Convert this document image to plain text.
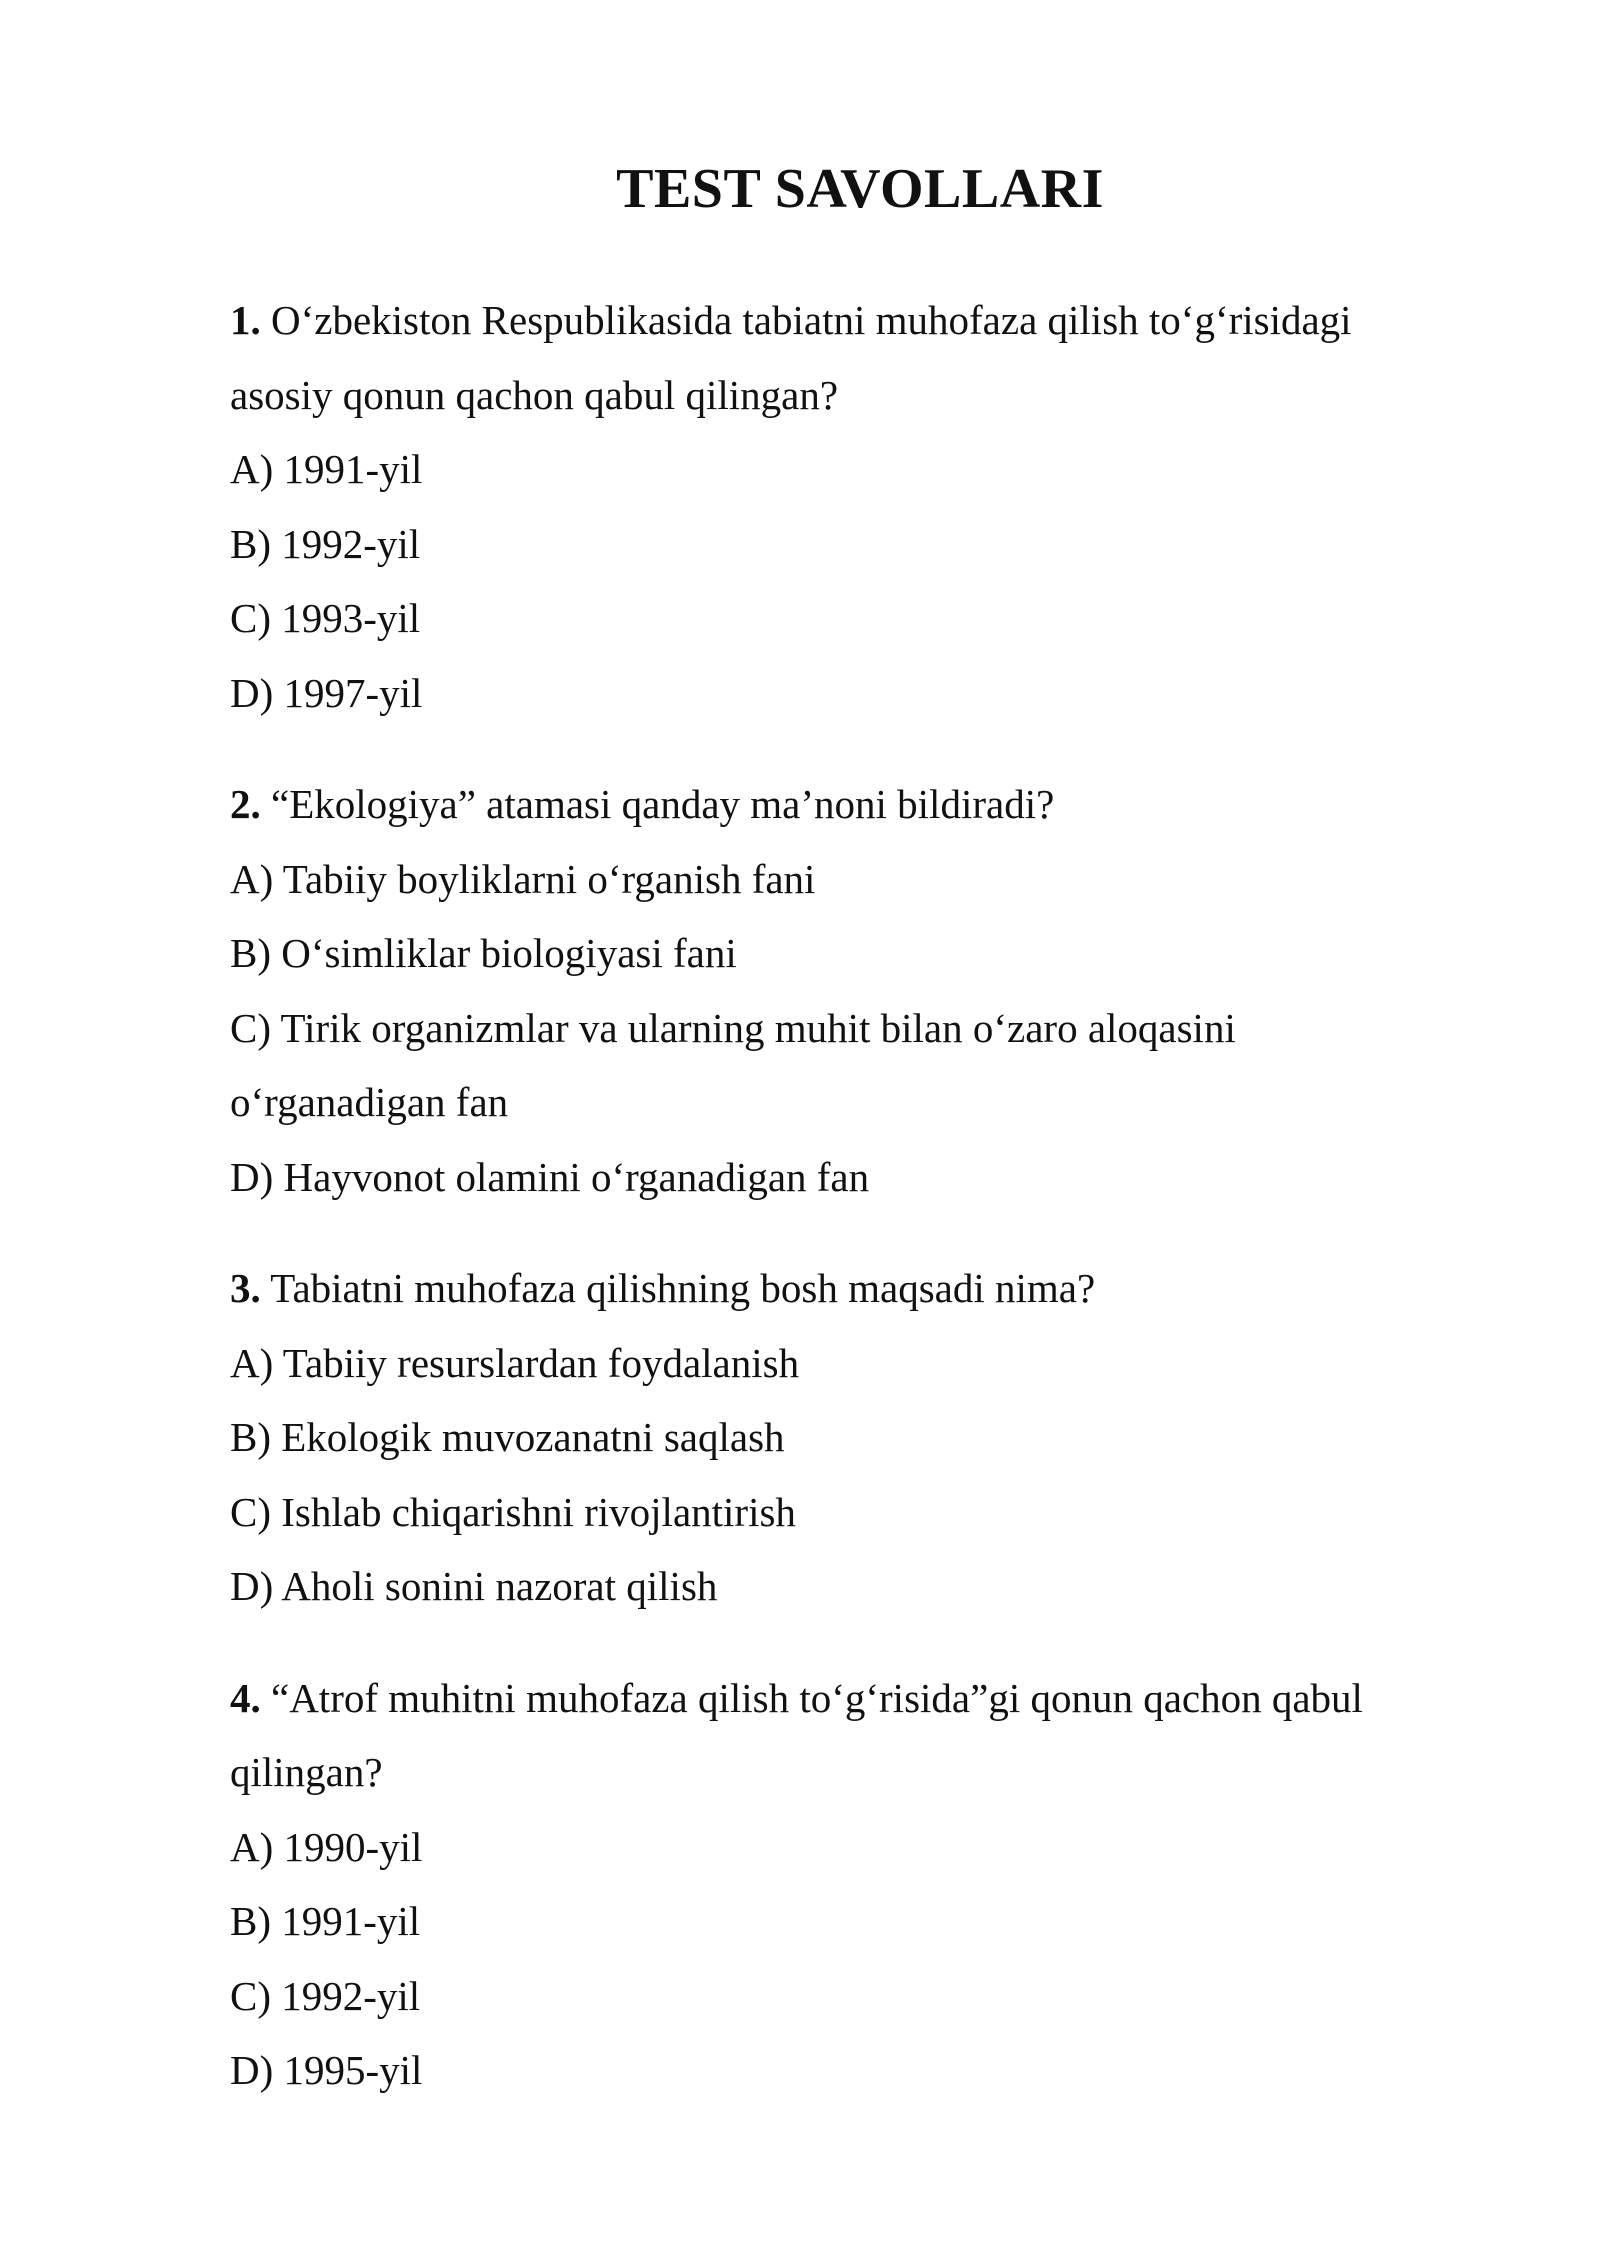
TEST SAVOLLARI
1. O‘zbekiston Respublikasida tabiatni muhofaza qilish to‘g‘risidagi
asosiy qonun qachon qabul qilingan?
A) 1991-yil
B) 1992-yil
C) 1993-yil
D) 1997-yil
2. “Ekologiya” atamasi qanday ma’noni bildiradi?
A) Tabiiy boyliklarni o‘rganish fani
B) O‘simliklar biologiyasi fani
C) Tirik organizmlar va ularning muhit bilan o‘zaro aloqasini
o‘rganadigan fan
D) Hayvonot olamini o‘rganadigan fan
3. Tabiatni muhofaza qilishning bosh maqsadi nima?
A) Tabiiy resurslardan foydalanish
B) Ekologik muvozanatni saqlash
C) Ishlab chiqarishni rivojlantirish
D) Aholi sonini nazorat qilish
4. “Atrof muhitni muhofaza qilish to‘g‘risida”gi qonun qachon qabul
qilingan?
A) 1990-yil
B) 1991-yil
C) 1992-yil
D) 1995-yil
